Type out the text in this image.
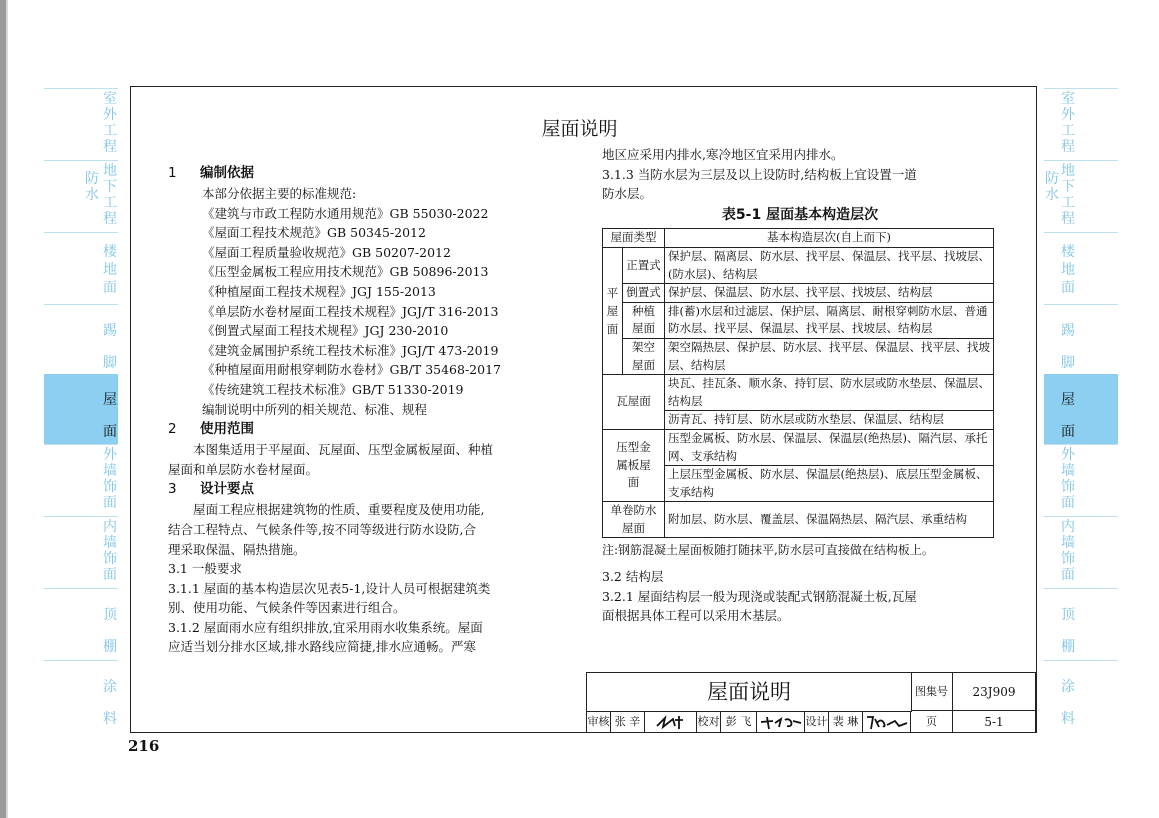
室外工程
防水
地下工程
楼地面
踢脚
屋面
外墙饰面
内墙饰面
顶棚
涂料
室外工程
防水
地下工程
楼地面
踢脚
屋面
外墙饰面
内墙饰面
顶棚
涂料
屋面说明
1 编制依据
本部分依据主要的标准规范:
《建筑与市政工程防水通用规范》GB 55030-2022
《屋面工程技术规范》GB 50345-2012
《屋面工程质量验收规范》GB 50207-2012
《压型金属板工程应用技术规范》GB 50896-2013
《种植屋面工程技术规程》JGJ 155-2013
《单层防水卷材屋面工程技术规程》JGJ/T 316-2013
《倒置式屋面工程技术规程》JGJ 230-2010
《建筑金属围护系统工程技术标准》JGJ/T 473-2019
《种植屋面用耐根穿刺防水卷材》GB/T 35468-2017
《传统建筑工程技术标准》GB/T 51330-2019
编制说明中所列的相关规范、标准、规程
2 使用范围
本图集适用于平屋面、瓦屋面、压型金属板屋面、种植
屋面和单层防水卷材屋面。
3 设计要点
屋面工程应根据建筑物的性质、重要程度及使用功能,
结合工程特点、气候条件等,按不同等级进行防水设防,合
理采取保温、隔热措施。
3.1 一般要求
3.1.1 屋面的基本构造层次见表5-1,设计人员可根据建筑类
别、使用功能、气候条件等因素进行组合。
3.1.2 屋面雨水应有组织排放,宜采用雨水收集系统。屋面
应适当划分排水区域,排水路线应简捷,排水应通畅。严寒
地区应采用内排水,寒冷地区宜采用内排水。
3.1.3 当防水层为三层及以上设防时,结构板上宜设置一道
防水层。
表5-1 屋面基本构造层次
屋面类型		基本构造层次(自上而下)
平屋面	正置式	保护层、隔离层、防水层、找平层、保温层、找平层、找坡层、(防水层)、结构层
	倒置式	保护层、保温层、防水层、找平层、找坡层、结构层
	种植屋面	排(蓄)水层和过滤层、保护层、隔离层、耐根穿刺防水层、普通防水层、找平层、保温层、找平层、找坡层、结构层
	架空屋面	架空隔热层、保护层、防水层、找平层、保温层、找平层、找坡层、结构层
瓦屋面		块瓦、挂瓦条、顺水条、持钉层、防水层或防水垫层、保温层、结构层
		沥青瓦、持钉层、防水层或防水垫层、保温层、结构层
压型金属板屋面		压型金属板、防水层、保温层、保温层(绝热层)、隔汽层、承托网、支承结构
		上层压型金属板、防水层、保温层(绝热层)、底层压型金属板、支承结构
单卷防水屋面		附加层、防水层、覆盖层、保温隔热层、隔汽层、承重结构
注:钢筋混凝土屋面板随打随抹平,防水层可直接做在结构板上。
3.2 结构层
3.2.1 屋面结构层一般为现浇或装配式钢筋混凝土板,瓦屋
面根据具体工程可以采用木基层。
屋面说明	图集号	23J909
审核 张 辛	校对 彭 飞	设计 裴 琳	页	5-1
216
